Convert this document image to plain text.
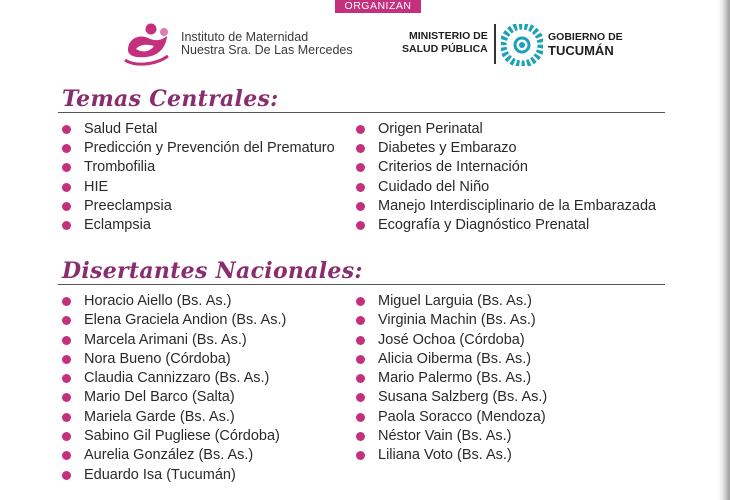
ORGANIZAN
Instituto de Maternidad
Nuestra Sra. De Las Mercedes
MINISTERIO DE
SALUD PÚBLICA
GOBIERNO DE
TUCUMÁN
Temas Centrales:
Salud Fetal
Predicción y Prevención del Prematuro
Trombofilia
HIE
Preeclampsia
Eclampsia
Origen Perinatal
Diabetes y Embarazo
Criterios de Internación
Cuidado del Niño
Manejo Interdisciplinario de la Embarazada
Ecografía y Diagnóstico Prenatal
Disertantes Nacionales:
Horacio Aiello (Bs. As.)
Elena Graciela Andion (Bs. As.)
Marcela Arimani (Bs. As.)
Nora Bueno (Córdoba)
Claudia Cannizzaro (Bs. As.)
Mario Del Barco (Salta)
Mariela Garde (Bs. As.)
Sabino Gil Pugliese (Córdoba)
Aurelia González (Bs. As.)
Eduardo Isa (Tucumán)
Miguel Larguia (Bs. As.)
Virginia Machin (Bs. As.)
José Ochoa (Córdoba)
Alicia Oiberma (Bs. As.)
Mario Palermo (Bs. As.)
Susana Salzberg (Bs. As.)
Paola Soracco (Mendoza)
Néstor Vain (Bs. As.)
Liliana Voto (Bs. As.)
